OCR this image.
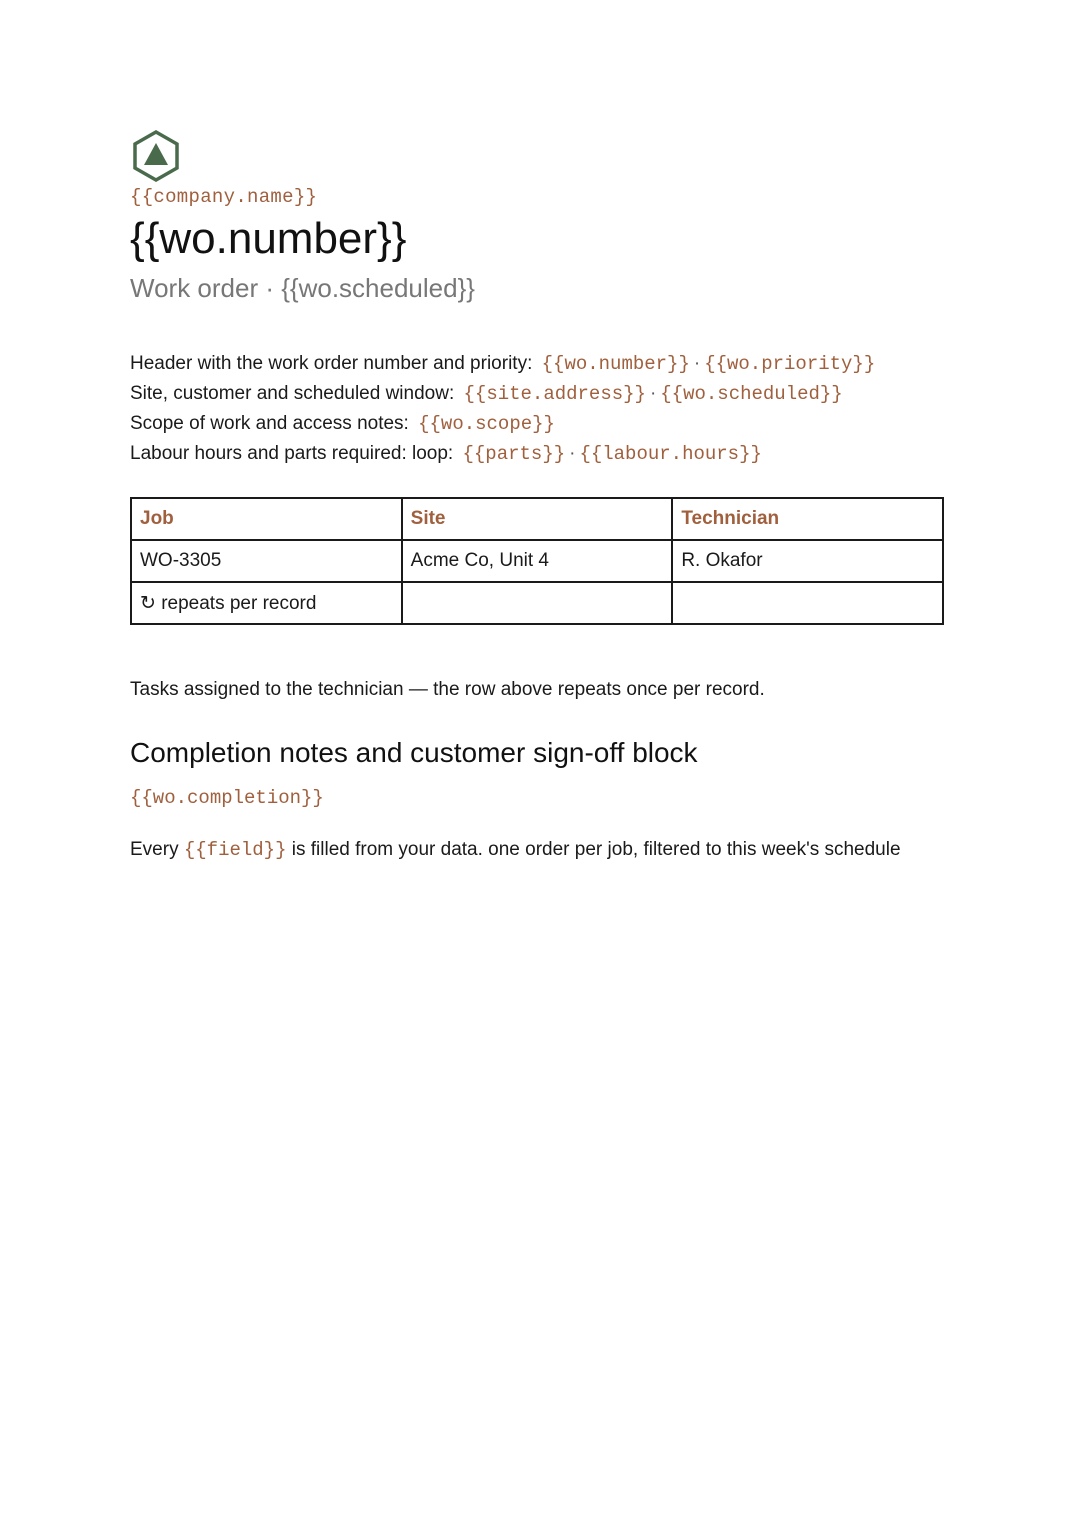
{{company.name}}
{{wo.number}}
Work order · {{wo.scheduled}}
Header with the work order number and priority: {{wo.number}} · {{wo.priority}}
Site, customer and scheduled window: {{site.address}} · {{wo.scheduled}}
Scope of work and access notes: {{wo.scope}}
Labour hours and parts required: loop: {{parts}} · {{labour.hours}}
Job	Site	Technician
WO-3305	Acme Co, Unit 4	R. Okafor
↻ repeats per record		
Tasks assigned to the technician — the row above repeats once per record.
Completion notes and customer sign-off block
{{wo.completion}}
Every {{field}} is filled from your data. one order per job, filtered to this week's schedule
